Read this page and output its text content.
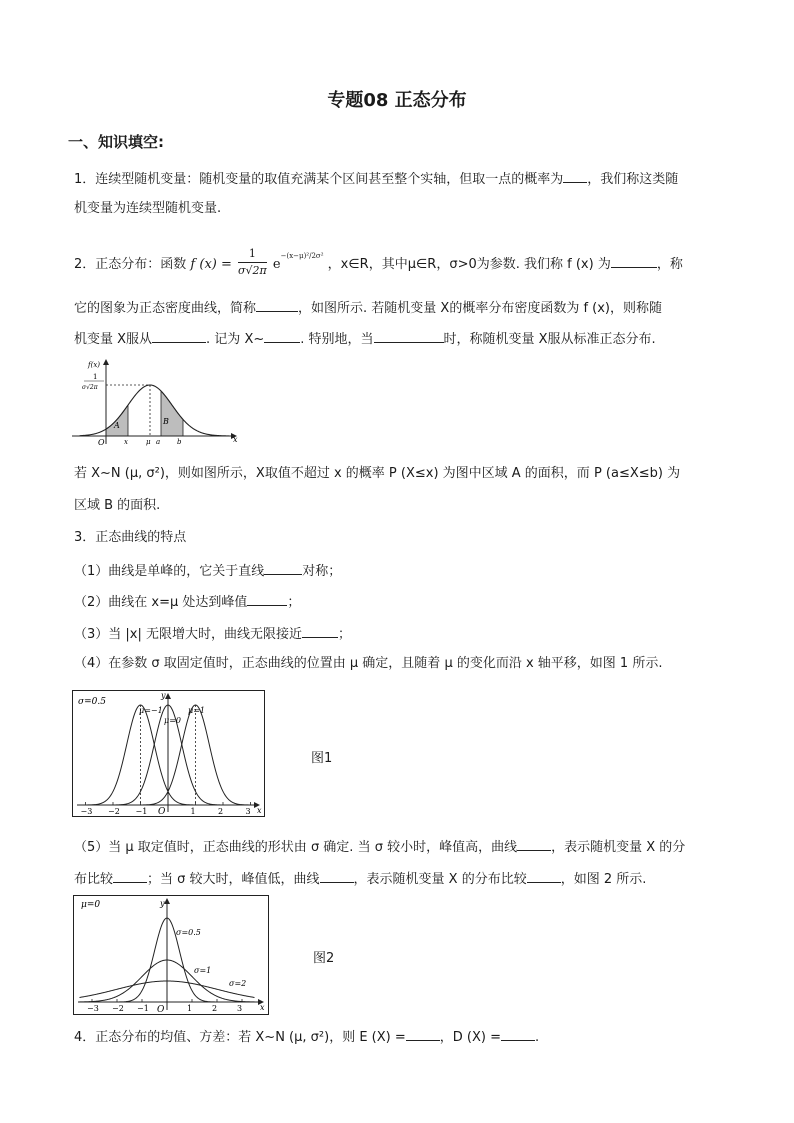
专题08 正态分布
一、知识填空:
1．连续型随机变量：随机变量的取值充满某个区间甚至整个实轴，但取一点的概率为 ，我们称这类随
机变量为连续型随机变量.
2．正态分布：函数 f $(x) = \frac{1}{\sigma√2\pi} e^{-(x-\mu)^2/2\sigma^2}$ ，x∈R，其中μ∈R，σ>0为参数. 我们称 f (x) 为	，称
它的图象为正态密度曲线，简称	，如图所示. 若随机变量 X的概率分布密度函数为 f (x)，则称随
机变量 X服从	. 记为 X~	. 特别地，当	时，称随机变量 X服从标准正态分布.
f(x)
1
σ√2π
O	x
x	μ a b
A	B
若 X~N (μ, σ²)，则如图所示，X取值不超过 x 的概率 P (X≤x) 为图中区域 A 的面积，而 P (a≤X≤b) 为
区域 B 的面积.
3．正态曲线的特点
（1）曲线是单峰的，它关于直线	对称；
（2）曲线在 x=μ 处达到峰值	；
（3）当 |x| 无限增大时，曲线无限接近	；
（4）在参数 σ 取固定值时，正态曲线的位置由 μ 确定，且随着 μ 的变化而沿 x 轴平移，如图 1 所示.
−3 −2 −1	1	2	3
σ=0.5
μ=−1
μ=0
μ=1
y
x
O
图1
（5）当 μ 取定值时，正态曲线的形状由 σ 确定. 当 σ 较小时，峰值高，曲线	，表示随机变量 X 的分
布比较	；当 σ 较大时，峰值低，曲线	，表示随机变量 X 的分布比较	，如图 2 所示.
−3 −2 −1	1 2 3
μ=0
σ=0.5
σ=1
σ=2
y
x
O
图2
4．正态分布的均值、方差：若 X~N (μ, σ²)，则 E (X) =	，D (X) =	.
